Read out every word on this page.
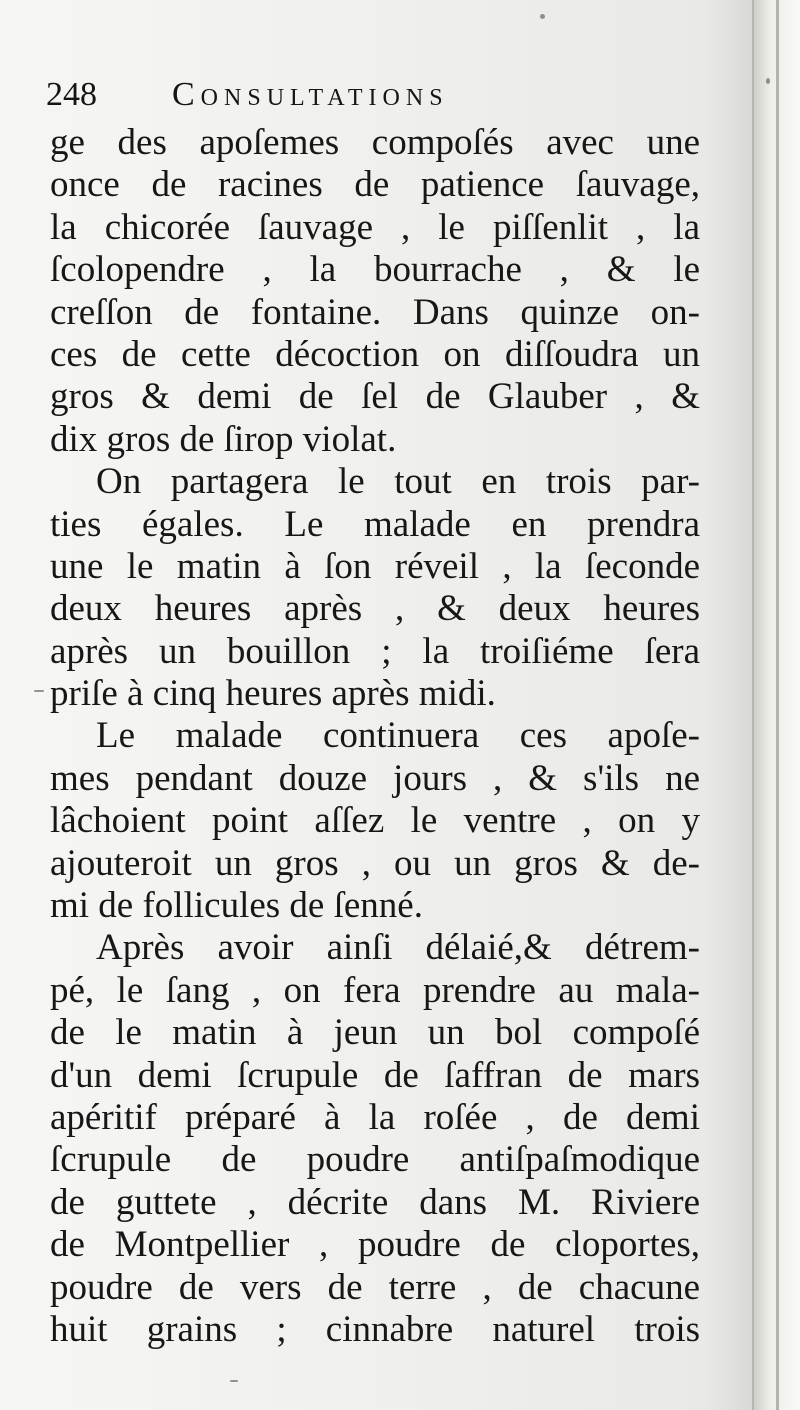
248 Consultations
ge des apoſemes compoſés avec une
once de racines de patience ſauvage,
la chicorée ſauvage , le piſſenlit , la
ſcolopendre , la bourrache , & le
creſſon de fontaine. Dans quinze on-
ces de cette décoction on diſſoudra un
gros & demi de ſel de Glauber , &
dix gros de ſirop violat.
On partagera le tout en trois par-
ties égales. Le malade en prendra
une le matin à ſon réveil , la ſeconde
deux heures après , & deux heures
après un bouillon ; la troiſiéme ſera
priſe à cinq heures après midi.
Le malade continuera ces apoſe-
mes pendant douze jours , & s'ils ne
lâchoient point aſſez le ventre , on y
ajouteroit un gros , ou un gros & de-
mi de follicules de ſenné.
Après avoir ainſi délaié,& détrem-
pé, le ſang , on fera prendre au mala-
de le matin à jeun un bol compoſé
d'un demi ſcrupule de ſaffran de mars
apéritif préparé à la roſée , de demi
ſcrupule de poudre antiſpaſmodique
de guttete , décrite dans M. Riviere
de Montpellier , poudre de cloportes,
poudre de vers de terre , de chacune
huit grains ; cinnabre naturel trois
